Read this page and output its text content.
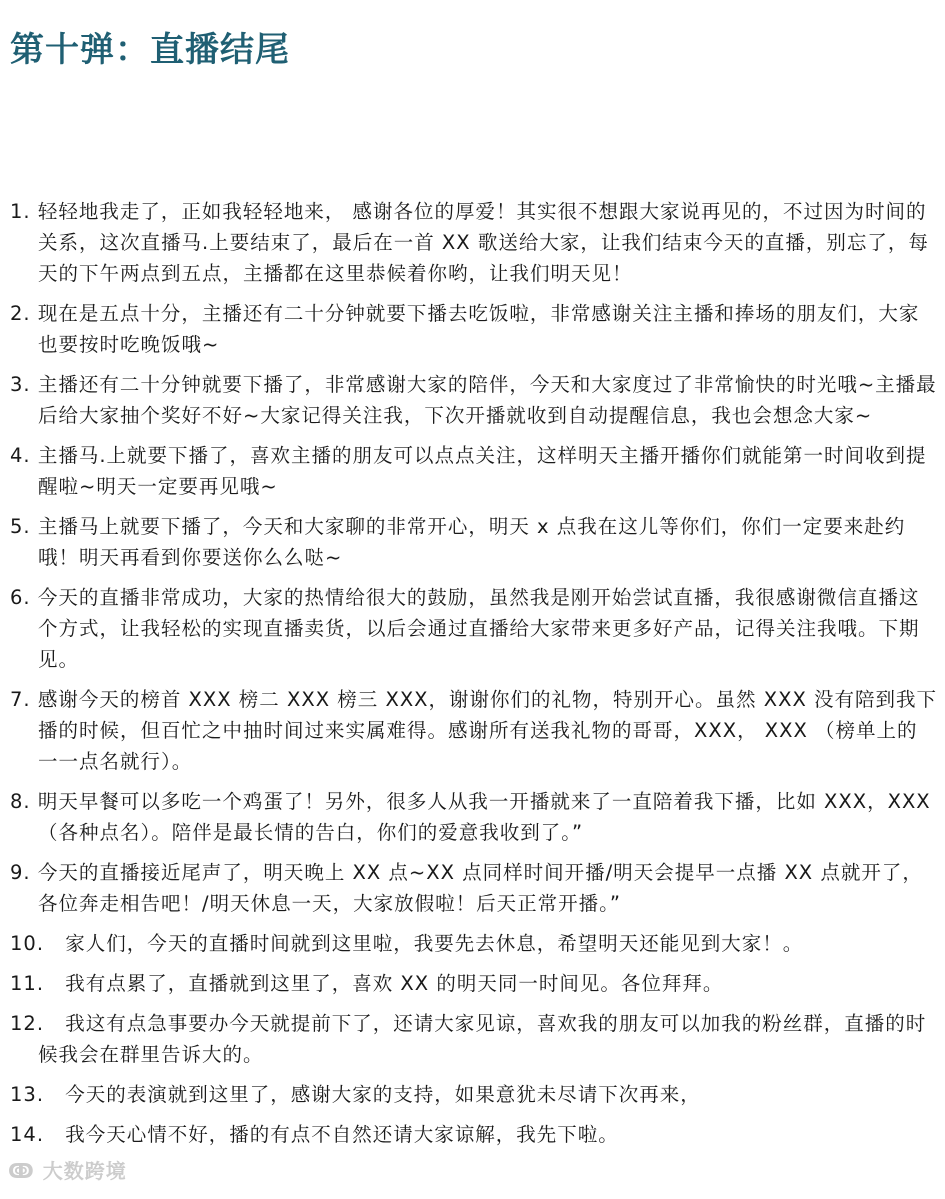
第十弹：直播结尾
1. 轻轻地我走了，正如我轻轻地来， 感谢各位的厚爱！其实很不想跟大家说再见的，不过因为时间的关系，这次直播马.上要结束了，最后在一首 XX 歌送给大家，让我们结束今天的直播，别忘了，每天的下午两点到五点，主播都在这里恭候着你哟，让我们明天见！
2. 现在是五点十分，主播还有二十分钟就要下播去吃饭啦，非常感谢关注主播和捧场的朋友们，大家也要按时吃晚饭哦~
3. 主播还有二十分钟就要下播了，非常感谢大家的陪伴，今天和大家度过了非常愉快的时光哦~主播最后给大家抽个奖好不好~大家记得关注我，下次开播就收到自动提醒信息，我也会想念大家~
4. 主播马.上就要下播了，喜欢主播的朋友可以点点关注，这样明天主播开播你们就能第一时间收到提醒啦~明天一定要再见哦~
5. 主播马上就要下播了，今天和大家聊的非常开心，明天 x 点我在这儿等你们，你们一定要来赴约哦！明天再看到你要送你么么哒~
6. 今天的直播非常成功，大家的热情给很大的鼓励，虽然我是刚开始尝试直播，我很感谢微信直播这个方式，让我轻松的实现直播卖货，以后会通过直播给大家带来更多好产品，记得关注我哦。下期见。
7. 感谢今天的榜首 XXX 榜二 XXX 榜三 XXX，谢谢你们的礼物，特别开心。虽然 XXX 没有陪到我下播的时候，但百忙之中抽时间过来实属难得。感谢所有送我礼物的哥哥，XXX， XXX （榜单上的一一点名就行）。
8. 明天早餐可以多吃一个鸡蛋了！另外，很多人从我一开播就来了一直陪着我下播，比如 XXX，XXX （各种点名）。陪伴是最长情的告白，你们的爱意我收到了。”
9. 今天的直播接近尾声了，明天晚上 XX 点~XX 点同样时间开播/明天会提早一点播 XX 点就开了，各位奔走相告吧！/明天休息一天，大家放假啦！后天正常开播。”
10. 家人们，今天的直播时间就到这里啦，我要先去休息，希望明天还能见到大家！。
11. 我有点累了，直播就到这里了，喜欢 XX 的明天同一时间见。各位拜拜。
12. 我这有点急事要办今天就提前下了，还请大家见谅，喜欢我的朋友可以加我的粉丝群，直播的时候我会在群里告诉大的。
13. 今天的表演就到这里了，感谢大家的支持，如果意犹未尽请下次再来，
14. 我今天心情不好，播的有点不自然还请大家谅解，我先下啦。
ↂ 大数跨境
